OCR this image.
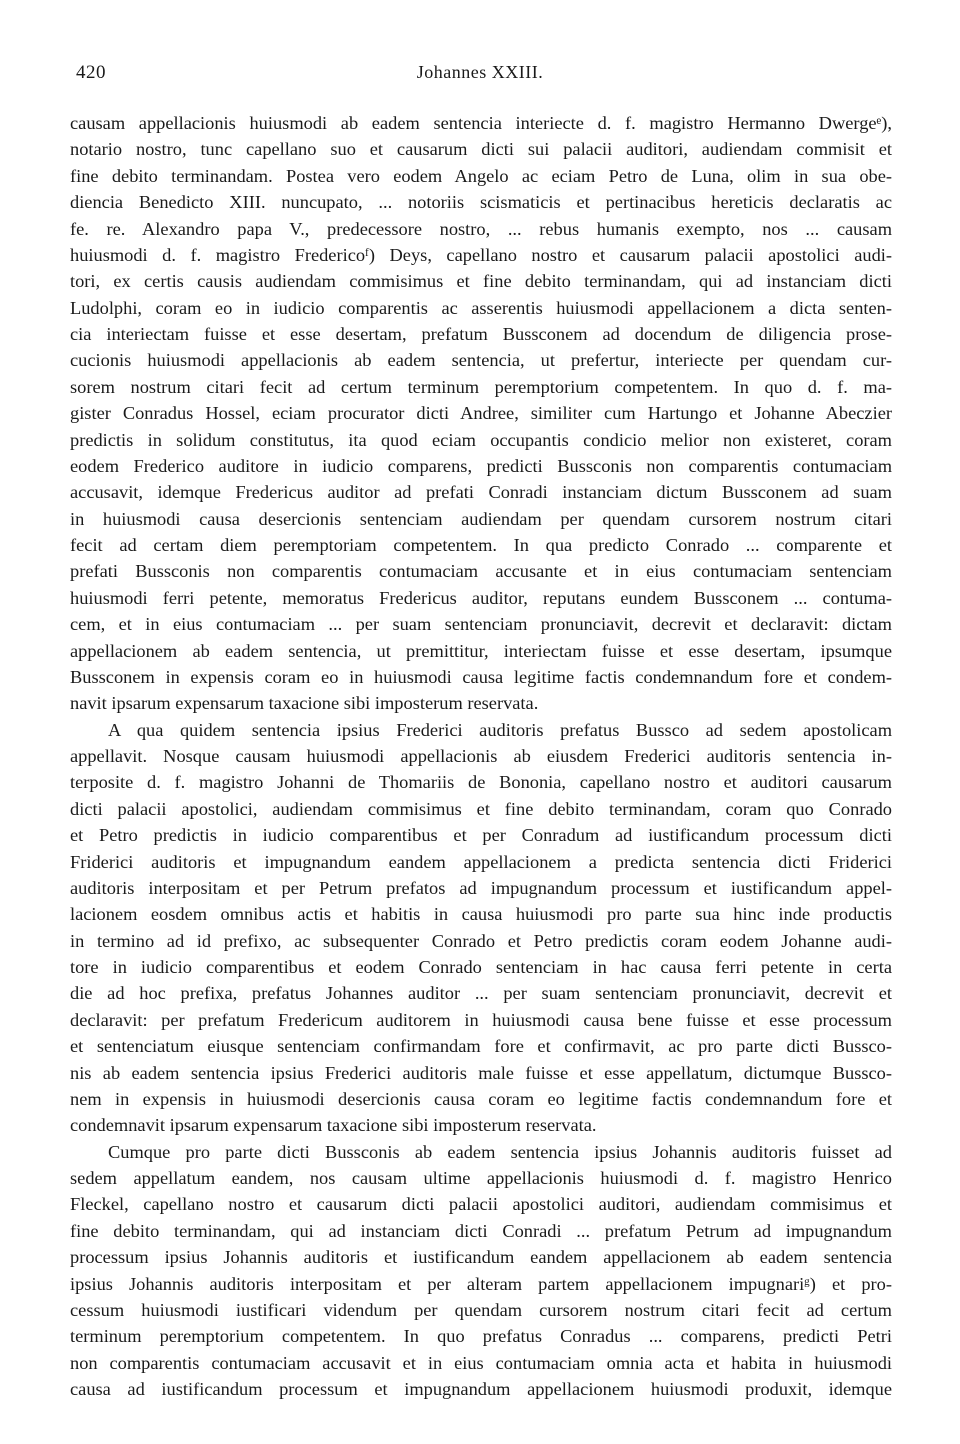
420	Johannes XXIII.
causam appellacionis huiusmodi ab eadem sentencia interiecte d. f. magistro Hermanno Dwergeᵉ),
notario nostro, tunc capellano suo et causarum dicti sui palacii auditori, audiendam commisit et
fine debito terminandam. Postea vero eodem Angelo ac eciam Petro de Luna, olim in sua obe-
diencia Benedicto XIII. nuncupato, ... notoriis scismaticis et pertinacibus hereticis declaratis ac
fe. re. Alexandro papa V., predecessore nostro, ... rebus humanis exempto, nos ... causam
huiusmodi d. f. magistro Fredericoᶠ) Deys, capellano nostro et causarum palacii apostolici audi-
tori, ex certis causis audiendam commisimus et fine debito terminandam, qui ad instanciam dicti
Ludolphi, coram eo in iudicio comparentis ac asserentis huiusmodi appellacionem a dicta senten-
cia interiectam fuisse et esse desertam, prefatum Bussconem ad docendum de diligencia prose-
cucionis huiusmodi appellacionis ab eadem sentencia, ut prefertur, interiecte per quendam cur-
sorem nostrum citari fecit ad certum terminum peremptorium competentem. In quo d. f. ma-
gister Conradus Hossel, eciam procurator dicti Andree, similiter cum Hartungo et Johanne Abeczier
predictis in solidum constitutus, ita quod eciam occupantis condicio melior non existeret, coram
eodem Frederico auditore in iudicio comparens, predicti Bussconis non comparentis contumaciam
accusavit, idemque Fredericus auditor ad prefati Conradi instanciam dictum Bussconem ad suam
in huiusmodi causa desercionis sentenciam audiendam per quendam cursorem nostrum citari
fecit ad certam diem peremptoriam competentem. In qua predicto Conrado ... comparente et
prefati Bussconis non comparentis contumaciam accusante et in eius contumaciam sentenciam
huiusmodi ferri petente, memoratus Fredericus auditor, reputans eundem Bussconem ... contuma-
cem, et in eius contumaciam ... per suam sentenciam pronunciavit, decrevit et declaravit: dictam
appellacionem ab eadem sentencia, ut premittitur, interiectam fuisse et esse desertam, ipsumque
Bussconem in expensis coram eo in huiusmodi causa legitime factis condemnandum fore et condem-
navit ipsarum expensarum taxacione sibi imposterum reservata.
A qua quidem sentencia ipsius Frederici auditoris prefatus Bussco ad sedem apostolicam
appellavit. Nosque causam huiusmodi appellacionis ab eiusdem Frederici auditoris sentencia in-
terposite d. f. magistro Johanni de Thomariis de Bononia, capellano nostro et auditori causarum
dicti palacii apostolici, audiendam commisimus et fine debito terminandam, coram quo Conrado
et Petro predictis in iudicio comparentibus et per Conradum ad iustificandum processum dicti
Friderici auditoris et impugnandum eandem appellacionem a predicta sentencia dicti Friderici
auditoris interpositam et per Petrum prefatos ad impugnandum processum et iustificandum appel-
lacionem eosdem omnibus actis et habitis in causa huiusmodi pro parte sua hinc inde productis
in termino ad id prefixo, ac subsequenter Conrado et Petro predictis coram eodem Johanne audi-
tore in iudicio comparentibus et eodem Conrado sentenciam in hac causa ferri petente in certa
die ad hoc prefixa, prefatus Johannes auditor ... per suam sentenciam pronunciavit, decrevit et
declaravit: per prefatum Fredericum auditorem in huiusmodi causa bene fuisse et esse processum
et sentenciatum eiusque sentenciam confirmandam fore et confirmavit, ac pro parte dicti Bussco-
nis ab eadem sentencia ipsius Frederici auditoris male fuisse et esse appellatum, dictumque Bussco-
nem in expensis in huiusmodi desercionis causa coram eo legitime factis condemnandum fore et
condemnavit ipsarum expensarum taxacione sibi imposterum reservata.
Cumque pro parte dicti Bussconis ab eadem sentencia ipsius Johannis auditoris fuisset ad
sedem appellatum eandem, nos causam ultime appellacionis huiusmodi d. f. magistro Henrico
Fleckel, capellano nostro et causarum dicti palacii apostolici auditori, audiendam commisimus et
fine debito terminandam, qui ad instanciam dicti Conradi ... prefatum Petrum ad impugnandum
processum ipsius Johannis auditoris et iustificandum eandem appellacionem ab eadem sentencia
ipsius Johannis auditoris interpositam et per alteram partem appellacionem impugnariᵍ) et pro-
cessum huiusmodi iustificari videndum per quendam cursorem nostrum citari fecit ad certum
terminum peremptorium competentem. In quo prefatus Conradus ... comparens, predicti Petri
non comparentis contumaciam accusavit et in eius contumaciam omnia acta et habita in huiusmodi
causa ad iustificandum processum et impugnandum appellacionem huiusmodi produxit, idemque
